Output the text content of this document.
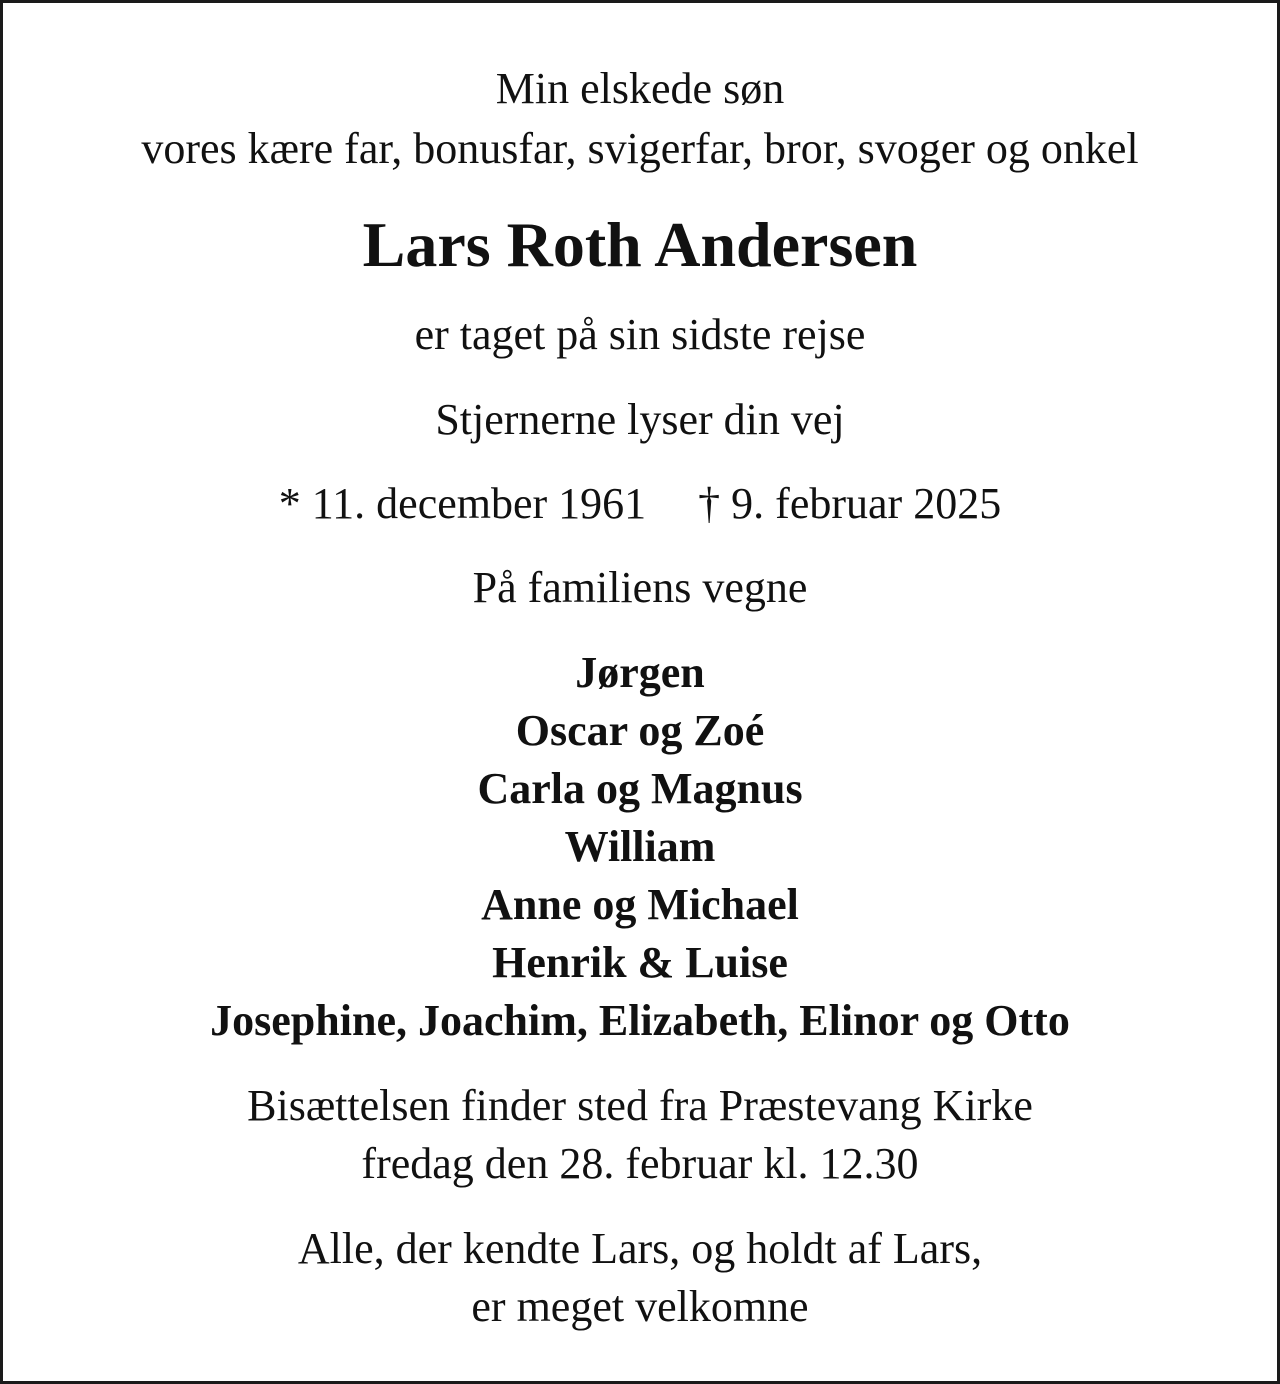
Min elskede søn

vores kære far, bonusfar, svigerfar, bror, svoger og onkel

Lars Roth Andersen

er taget på sin sidste rejse

Stjernerne lyser din vej

* 11. december 1961 † 9. februar 2025

På familiens vegne

Jørgen

Oscar og Zoé

Carla og Magnus

William

Anne og Michael

Henrik & Luise

Josephine, Joachim, Elizabeth, Elinor og Otto

Bisættelsen finder sted fra Præstevang Kirke

fredag den 28. februar kl. 12.30

Alle, der kendte Lars, og holdt af Lars,

er meget velkomne
